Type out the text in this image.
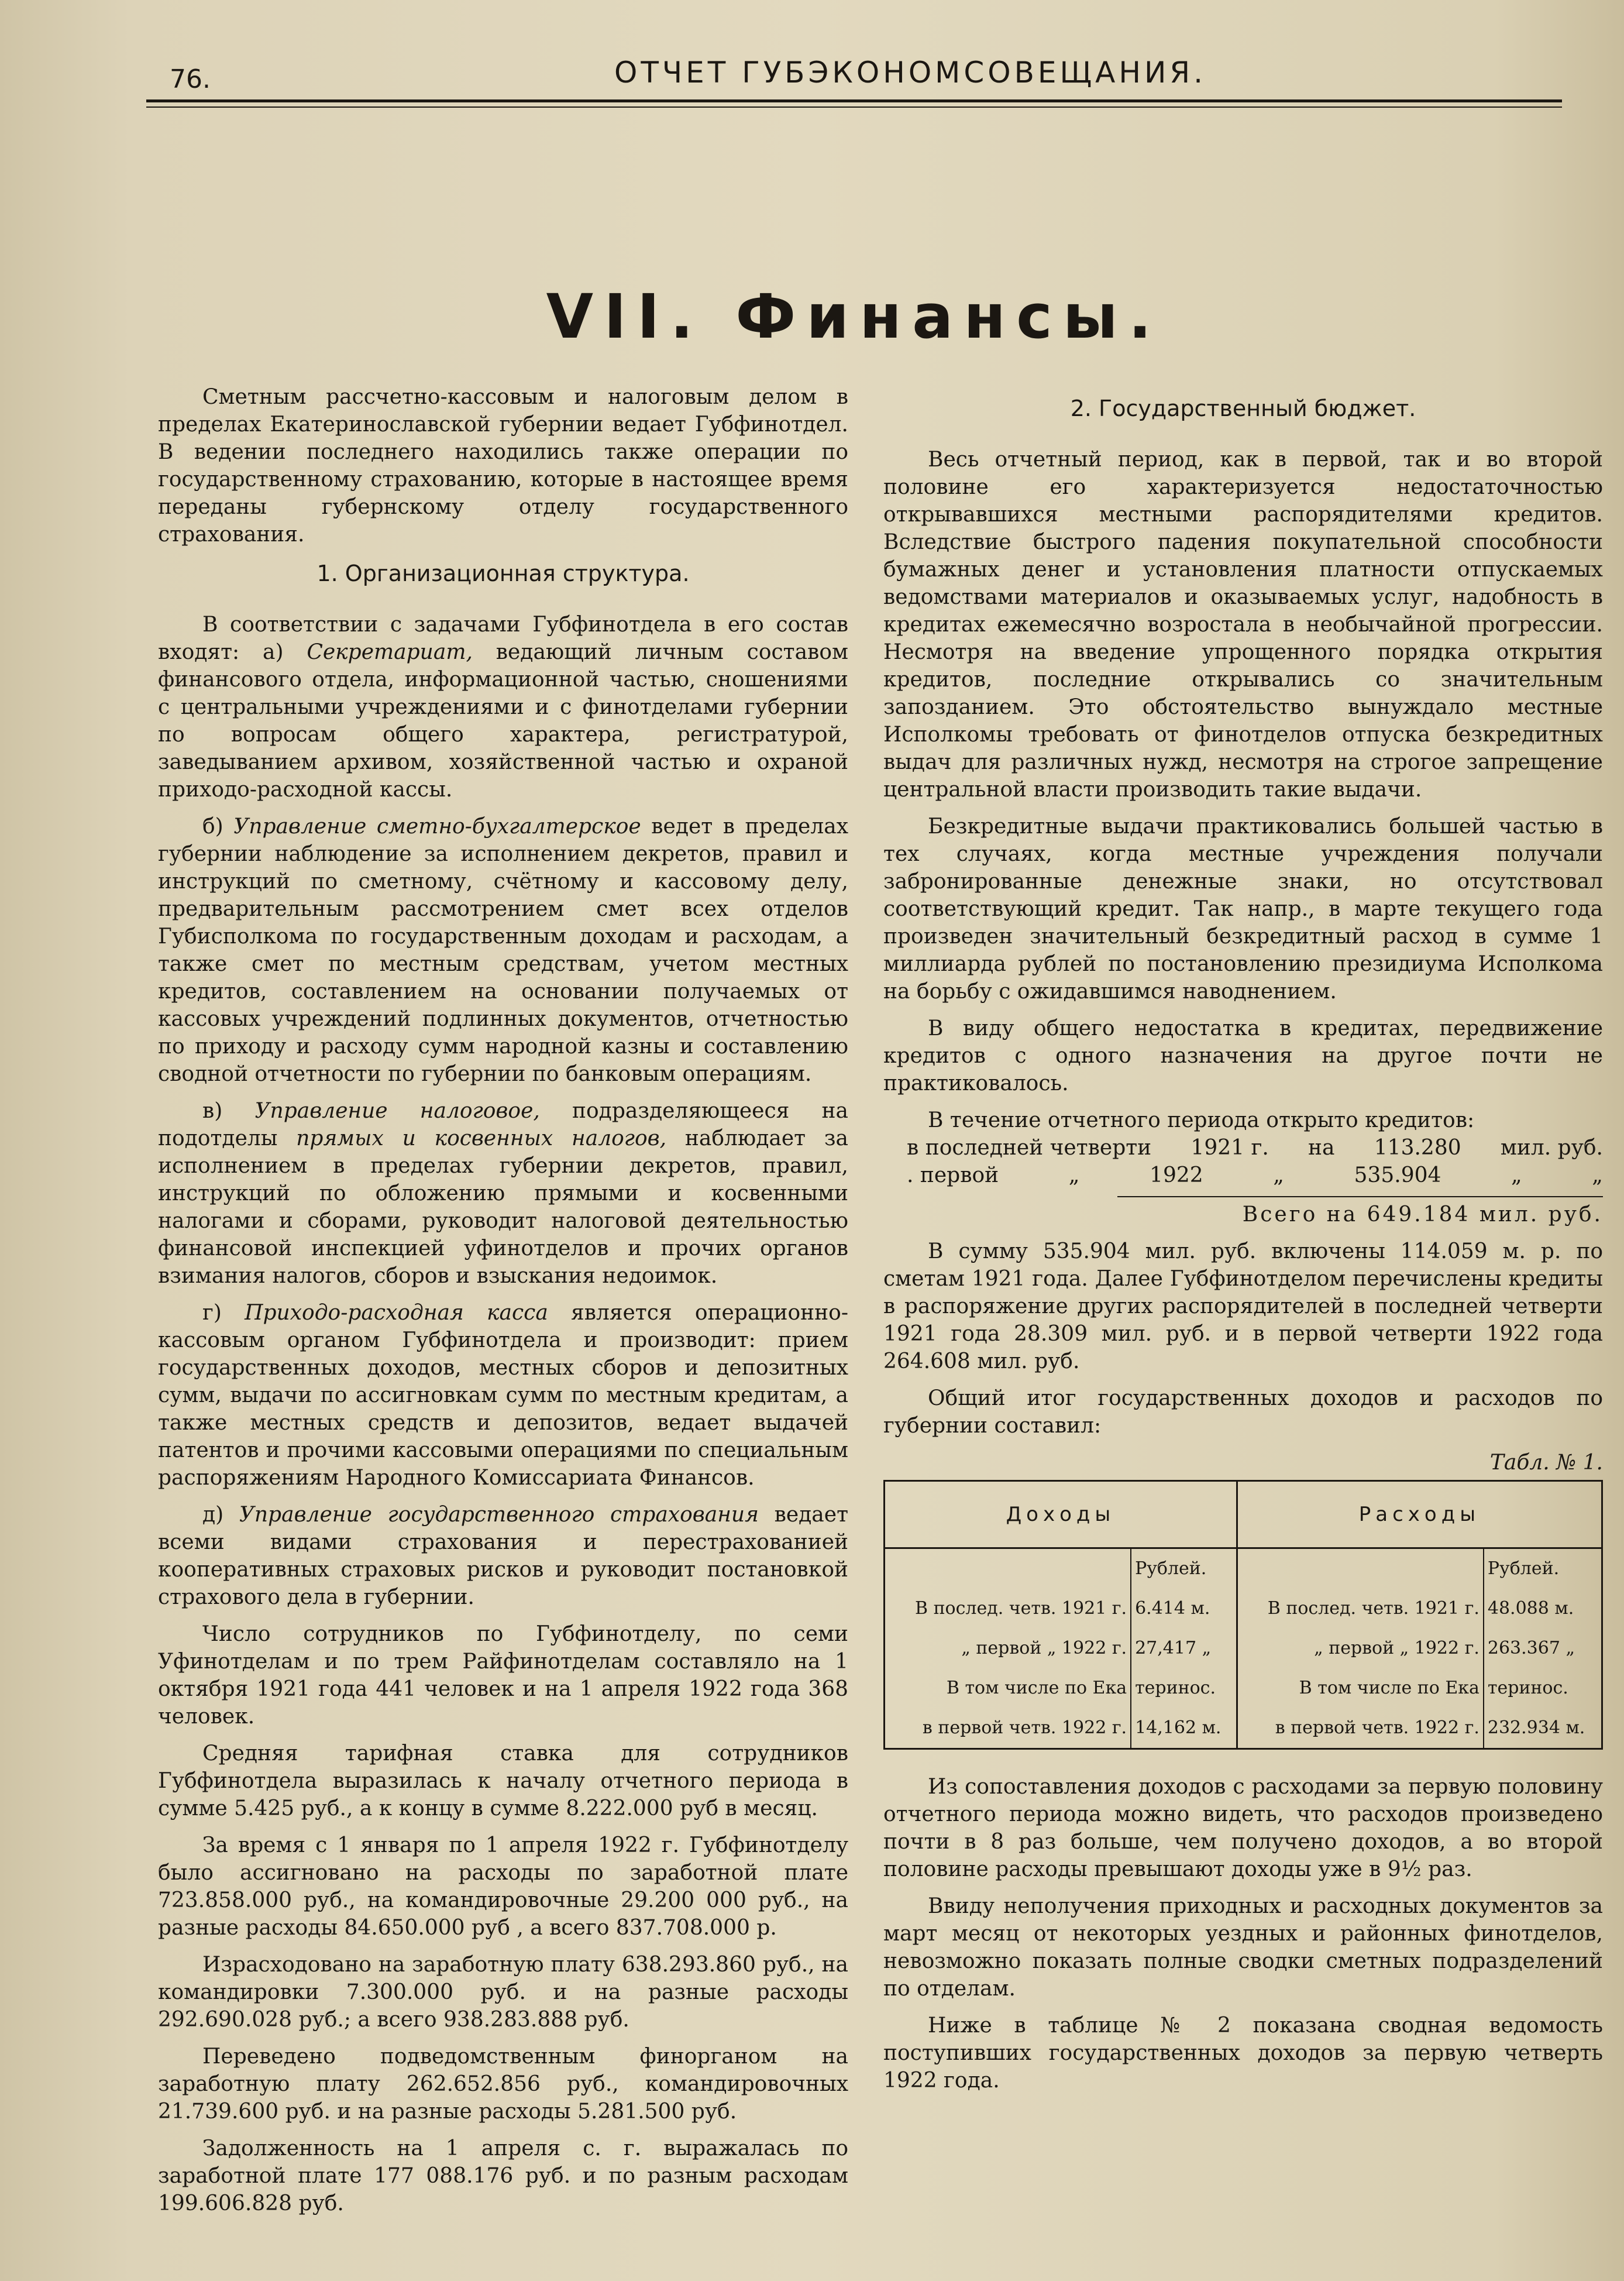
76.	ОТЧЕТ ГУБЭКОНОМСОВЕЩАНИЯ.
VII. Финансы.

Сметным рассчетно-кассовым и налоговым делом в пределах Екатеринославской губернии ведает Губфинотдел. В ведении последнего находились также операции по государственному страхованию, которые в настоящее время переданы губернскому отделу государственного страхования.

1. Организационная структура.

В соответствии с задачами Губфинотдела в его состав входят: а) Секретариат, ведающий личным составом финансового отдела, информационной частью, сношениями с центральными учреждениями и с финотделами губернии по вопросам общего характера, регистратурой, заведыванием архивом, хозяйственной частью и охраной приходо-расходной кассы.

б) Управление сметно-бухгалтерское ведет в пределах губернии наблюдение за исполнением декретов, правил и инструкций по сметному, счётному и кассовому делу, предварительным рассмотрением смет всех отделов Губисполкома по государственным доходам и расходам, а также смет по местным средствам, учетом местных кредитов, составлением на основании получаемых от кассовых учреждений подлинных документов, отчетностью по приходу и расходу сумм народной казны и составлению сводной отчетности по губернии по банковым операциям.

в) Управление налоговое, подразделяющееся на подотделы прямых и косвенных налогов, наблюдает за исполнением в пределах губернии декретов, правил, инструкций по обложению прямыми и косвенными налогами и сборами, руководит налоговой деятельностью финансовой инспекцией уфинотделов и прочих органов взимания налогов, сборов и взыскания недоимок.

г) Приходо-расходная касса является операционно-кассовым органом Губфинотдела и производит: прием государственных доходов, местных сборов и депозитных сумм, выдачи по ассигновкам сумм по местным кредитам, а также местных средств и депозитов, ведает выдачей патентов и прочими кассовыми операциями по специальным распоряжениям Народного Комиссариата Финансов.

д) Управление государственного страхования ведает всеми видами страхования и перестрахованией кооперативных страховых рисков и руководит постановкой страхового дела в губернии.

Число сотрудников по Губфинотделу, по семи Уфинотделам и по трем Райфинотделам составляло на 1 октября 1921 года 441 человек и на 1 апреля 1922 года 368 человек.

Средняя тарифная ставка для сотрудников Губфинотдела выразилась к началу отчетного периода в сумме 5.425 руб., а к концу в сумме 8.222.000 руб в месяц.

За время с 1 января по 1 апреля 1922 г. Губфинотделу было ассигновано на расходы по заработной плате 723.858.000 руб., на командировочные 29.200 000 руб., на разные расходы 84.650.000 руб , а всего 837.708.000 р.

Израсходовано на заработную плату 638.293.860 руб., на командировки 7.300.000 руб. и на разные расходы 292.690.028 руб.; а всего 938.283.888 руб.

Переведено подведомственным финорганом на заработную плату 262.652.856 руб., командировочных 21.739.600 руб. и на разные расходы 5.281.500 руб.

Задолженность на 1 апреля с. г. выражалась по заработной плате 177 088.176 руб. и по разным расходам 199.606.828 руб.

2. Государственный бюджет.

Весь отчетный период, как в первой, так и во второй половине его характеризуется недостаточностью открывавшихся местными распорядителями кредитов. Вследствие быстрого падения покупательной способности бумажных денег и установления платности отпускаемых ведомствами материалов и оказываемых услуг, надобность в кредитах ежемесячно возростала в необычайной прогрессии. Несмотря на введение упрощенного порядка открытия кредитов, последние открывались со значительным запозданием. Это обстоятельство вынуждало местные Исполкомы требовать от финотделов отпуска безкредитных выдач для различных нужд, несмотря на строгое запрещение центральной власти производить такие выдачи.

Безкредитные выдачи практиковались большей частью в тех случаях, когда местные учреждения получали забронированные денежные знаки, но отсутствовал соответствующий кредит. Так напр., в марте текущего года произведен значительный безкредитный расход в сумме 1 миллиарда рублей по постановлению президиума Исполкома на борьбу с ожидавшимся наводнением.

В виду общего недостатка в кредитах, передвижение кредитов с одного назначения на другое почти не практиковалось.

В течение отчетного периода открыто кредитов:
в последней четверти 1921 г. на 113.280 мил. руб.
. первой	„	1922	„	535.904	„	„
Всего на 649.184 мил. руб.

В сумму 535.904 мил. руб. включены 114.059 м. р. по сметам 1921 года. Далее Губфинотделом перечислены кредиты в распоряжение других распорядителей в последней четверти 1921 года 28.309 мил. руб. и в первой четверти 1922 года 264.608 мил. руб.

Общий итог государственных доходов и расходов по губернии составил:

Табл. № 1.
Доходы		Расходы	
	Рублей.		Рублей.
В послед. четв. 1921 г.	6.414 м.	В послед. четв. 1921 г.	48.088 м.
„ первой „ 1922 г.	27,417 „	„ первой „ 1922 г.	263.367 „
В том числе по Ека	теринос.	В том числе по Ека	теринос.
в первой четв. 1922 г.	14,162 м.	в первой четв. 1922 г.	232.934 м.

Из сопоставления доходов с расходами за первую половину отчетного периода можно видеть, что расходов произведено почти в 8 раз больше, чем получено доходов, а во второй половине расходы превышают доходы уже в 9½ раз.

Ввиду неполучения приходных и расходных документов за март месяц от некоторых уездных и районных финотделов, невозможно показать полные сводки сметных подразделений по отделам.

Ниже в таблице № 2 показана сводная ведомость поступивших государственных доходов за первую четверть 1922 года.
